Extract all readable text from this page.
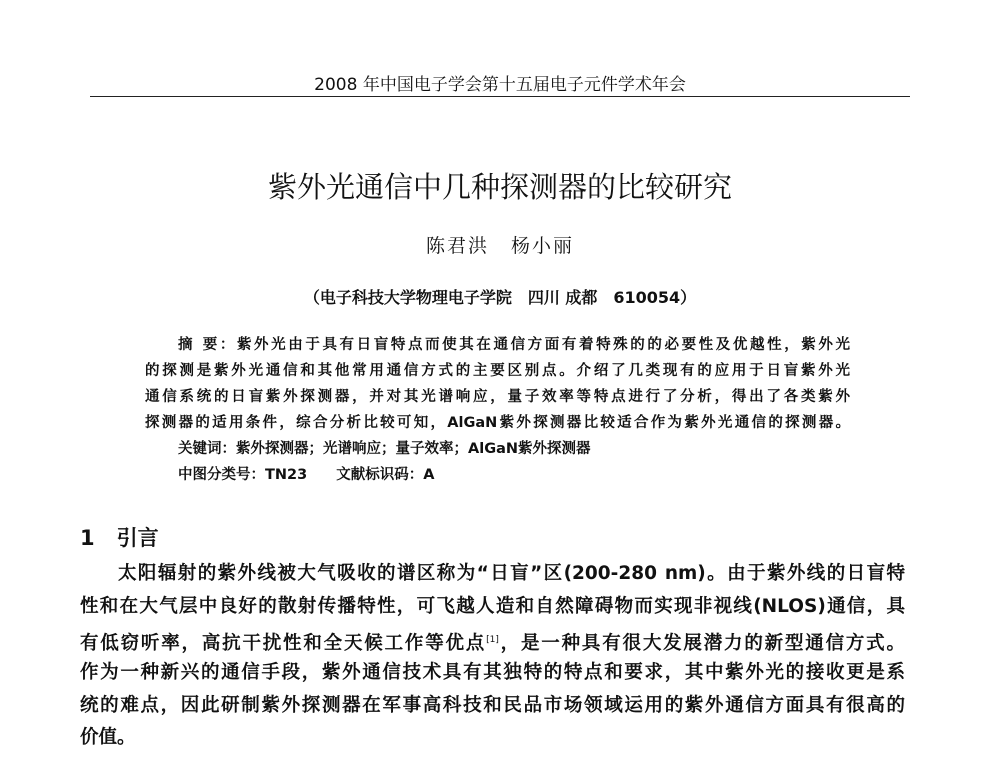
2008 年中国电子学会第十五届电子元件学术年会
紫外光通信中几种探测器的比较研究
陈君洪 杨小丽
（电子科技大学物理电子学院　四川 成都　610054）
摘 要：紫外光由于具有日盲特点而使其在通信方面有着特殊的的必要性及优越性，紫外光
的探测是紫外光通信和其他常用通信方式的主要区别点。介绍了几类现有的应用于日盲紫外光
通信系统的日盲紫外探测器，并对其光谱响应，量子效率等特点进行了分析，得出了各类紫外
探测器的适用条件，综合分析比较可知，AlGaN紫外探测器比较适合作为紫外光通信的探测器。
关键词：紫外探测器；光谱响应；量子效率；AlGaN紫外探测器
中图分类号：TN23　　文献标识码：A
1 引言
太阳辐射的紫外线被大气吸收的谱区称为“日盲”区(200-280 nm)。由于紫外线的日盲特
性和在大气层中良好的散射传播特性，可飞越人造和自然障碍物而实现非视线(NLOS)通信，具
有低窃听率，高抗干扰性和全天候工作等优点[1]，是一种具有很大发展潜力的新型通信方式。
作为一种新兴的通信手段，紫外通信技术具有其独特的特点和要求，其中紫外光的接收更是系
统的难点，因此研制紫外探测器在军事高科技和民品市场领域运用的紫外通信方面具有很高的
价值。
